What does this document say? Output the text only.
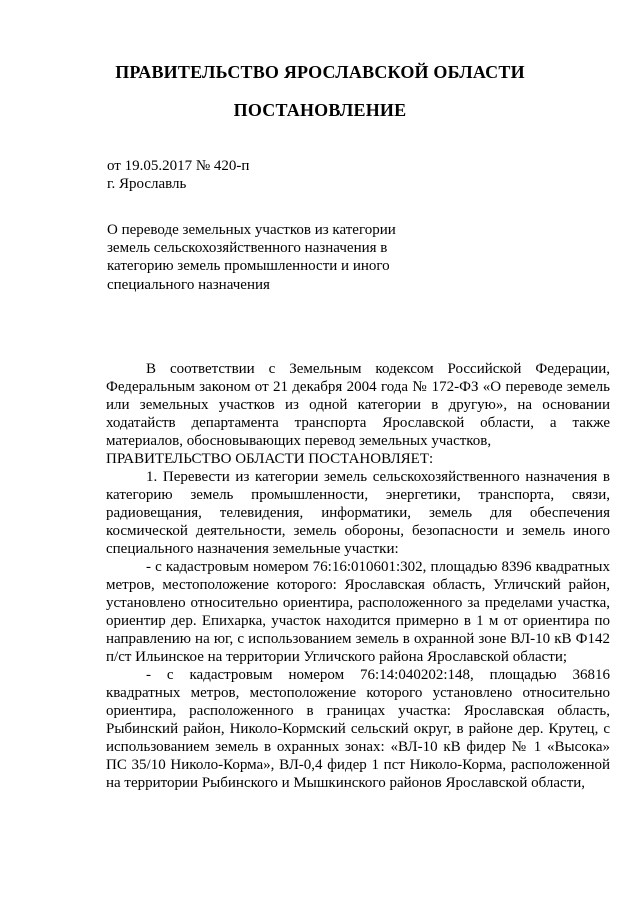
ПРАВИТЕЛЬСТВО ЯРОСЛАВСКОЙ ОБЛАСТИ
ПОСТАНОВЛЕНИЕ
от 19.05.2017 № 420-п
г. Ярославль
О переводе земельных участков из категории земель сельскохозяйственного назначения в категорию земель промышленности и иного специального назначения

В соответствии с Земельным кодексом Российской Федерации, Федеральным законом от 21 декабря 2004 года № 172-ФЗ «О переводе земель или земельных участков из одной категории в другую», на основании ходатайств департамента транспорта Ярославской области, а также материалов, обосновывающих перевод земельных участков,

ПРАВИТЕЛЬСТВО ОБЛАСТИ ПОСТАНОВЛЯЕТ:

1. Перевести из категории земель сельскохозяйственного назначения в категорию земель промышленности, энергетики, транспорта, связи, радиовещания, телевидения, информатики, земель для обеспечения космической деятельности, земель обороны, безопасности и земель иного специального назначения земельные участки:

- с кадастровым номером 76:16:010601:302, площадью 8396 квадратных метров, местоположение которого: Ярославская область, Угличский район, установлено относительно ориентира, расположенного за пределами участка, ориентир дер. Епихарка, участок находится примерно в 1 м от ориентира по направлению на юг, с использованием земель в охранной зоне ВЛ-10 кВ Ф142 п/ст Ильинское на территории Угличского района Ярославской области;

- с кадастровым номером 76:14:040202:148, площадью 36816 квадратных метров, местоположение которого установлено относительно ориентира, расположенного в границах участка: Ярославская область, Рыбинский район, Николо-Кормский сельский округ, в районе дер. Крутец, с использованием земель в охранных зонах: «ВЛ-10 кВ фидер № 1 «Высока» ПС 35/10 Николо-Корма», ВЛ-0,4 фидер 1 пст Николо-Корма, расположенной на территории Рыбинского и Мышкинского районов Ярославской области,
